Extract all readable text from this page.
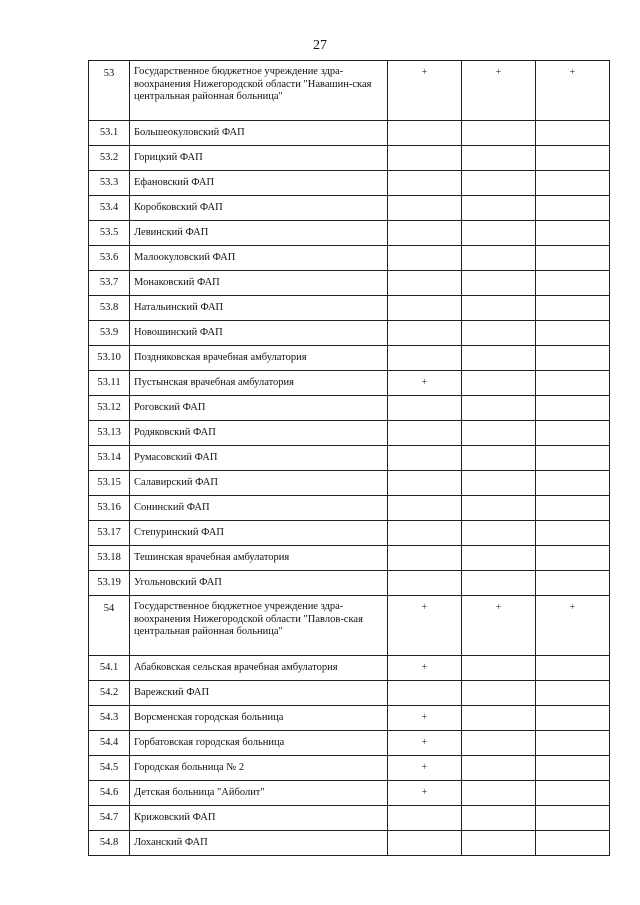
27
53	Государственное бюджетное учреждение здра-воохранения Нижегородской области "Навашин-ская центральная районная больница"	+	+	+
53.1	Большеокуловский ФАП			
53.2	Горицкий ФАП			
53.3	Ефановский ФАП			
53.4	Коробковский ФАП			
53.5	Левинский ФАП			
53.6	Малоокуловский ФАП			
53.7	Монаковский ФАП			
53.8	Натальинский ФАП			
53.9	Новошинский ФАП			
53.10	Поздняковская врачебная амбулатория			
53.11	Пустынская врачебная амбулатория	+		
53.12	Роговский ФАП			
53.13	Родяковский ФАП			
53.14	Румасовский ФАП			
53.15	Салавирский ФАП			
53.16	Сонинский ФАП			
53.17	Степуринский ФАП			
53.18	Тешинская врачебная амбулатория			
53.19	Угольновский ФАП			
54	Государственное бюджетное учреждение здра-воохранения Нижегородской области "Павлов-ская центральная районная больница"	+	+	+
54.1	Абабковская сельская врачебная амбулатория	+		
54.2	Варежский ФАП			
54.3	Ворсменская городская больница	+		
54.4	Горбатовская городская больница	+		
54.5	Городская больница № 2	+		
54.6	Детская больница "Айболит"	+		
54.7	Крижовский ФАП			
54.8	Лоханский ФАП			
